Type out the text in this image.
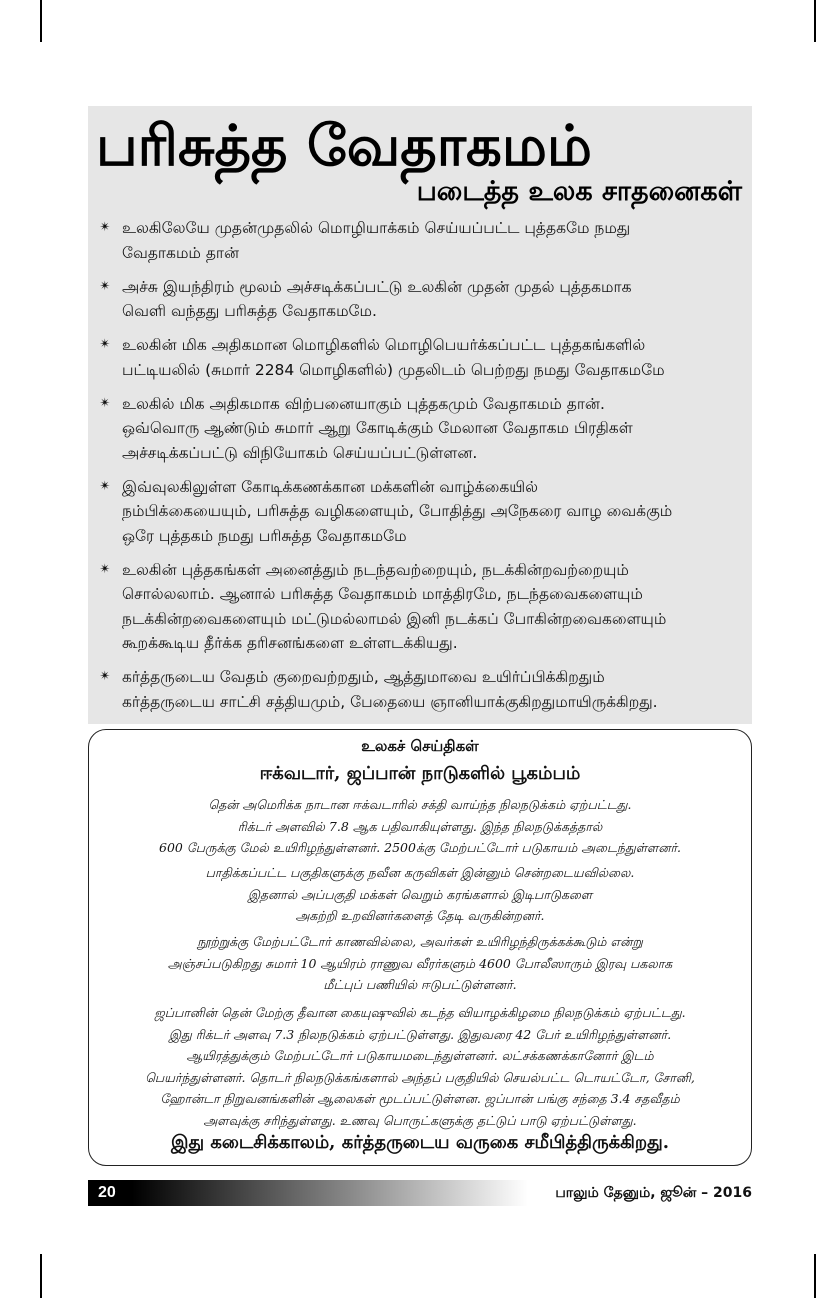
பரிசுத்த வேதாகமம்
படைத்த உலக சாதனைகள்
✴ உலகிலேயே முதன்முதலில் மொழியாக்கம் செய்யப்பட்ட புத்தகமே நமது
வேதாகமம் தான்
✴ அச்சு இயந்திரம் மூலம் அச்சடிக்கப்பட்டு உலகின் முதன் முதல் புத்தகமாக
வெளி வந்தது பரிசுத்த வேதாகமமே.
✴ உலகின் மிக அதிகமான மொழிகளில் மொழிபெயர்க்கப்பட்ட புத்தகங்களில்
பட்டியலில் (சுமார் 2284 மொழிகளில்) முதலிடம் பெற்றது நமது வேதாகமமே
✴ உலகில் மிக அதிகமாக விற்பனையாகும் புத்தகமும் வேதாகமம் தான்.
ஒவ்வொரு ஆண்டும் சுமார் ஆறு கோடிக்கும் மேலான வேதாகம பிரதிகள்
அச்சடிக்கப்பட்டு விநியோகம் செய்யப்பட்டுள்ளன.
✴ இவ்வுலகிலுள்ள கோடிக்கணக்கான மக்களின் வாழ்க்கையில்
நம்பிக்கையையும், பரிசுத்த வழிகளையும், போதித்து அநேகரை வாழ வைக்கும்
ஒரே புத்தகம் நமது பரிசுத்த வேதாகமமே
✴ உலகின் புத்தகங்கள் அனைத்தும் நடந்தவற்றையும், நடக்கின்றவற்றையும்
சொல்லலாம். ஆனால் பரிசுத்த வேதாகமம் மாத்திரமே, நடந்தவைகளையும்
நடக்கின்றவைகளையும் மட்டுமல்லாமல் இனி நடக்கப் போகின்றவைகளையும்
கூறக்கூடிய தீர்க்க தரிசனங்களை உள்ளடக்கியது.
✴ கர்த்தருடைய வேதம் குறைவற்றதும், ஆத்துமாவை உயிர்ப்பிக்கிறதும்
கர்த்தருடைய சாட்சி சத்தியமும், பேதையை ஞானியாக்குகிறதுமாயிருக்கிறது.
உலகச் செய்திகள்
ஈக்வடார், ஜப்பான் நாடுகளில் பூகம்பம்
தென் அமெரிக்க நாடான ஈக்வடாரில் சக்தி வாய்ந்த நிலநடுக்கம் ஏற்பட்டது.
ரிக்டர் அளவில் 7.8 ஆக பதிவாகியுள்ளது. இந்த நிலநடுக்கத்தால்
600 பேருக்கு மேல் உயிரிழந்துள்ளனர். 2500க்கு மேற்பட்டோர் படுகாயம் அடைந்துள்ளனர்.
பாதிக்கப்பட்ட பகுதிகளுக்கு நவீன கருவிகள் இன்னும் சென்றடையவில்லை.
இதனால் அப்பகுதி மக்கள் வெறும் கரங்களால் இடிபாடுகளை
அகற்றி உறவினர்களைத் தேடி வருகின்றனர்.
நூற்றுக்கு மேற்பட்டோர் காணவில்லை, அவர்கள் உயிரிழந்திருக்கக்கூடும் என்று
அஞ்சப்படுகிறது சுமார் 10 ஆயிரம் ராணுவ வீரர்களும் 4600 போலீஸாரும் இரவு பகலாக
மீட்புப் பணியில் ஈடுபட்டுள்ளனர்.
ஜப்பானின் தென் மேற்கு தீவான கையுஷுவில் கடந்த வியாழக்கிழமை நிலநடுக்கம் ஏற்பட்டது.
இது ரிக்டர் அளவு 7.3 நிலநடுக்கம் ஏற்பட்டுள்ளது. இதுவரை 42 பேர் உயிரிழந்துள்ளனர்.
ஆயிரத்துக்கும் மேற்பட்டோர் படுகாயமடைந்துள்ளனர். லட்சக்கணக்கானோர் இடம்
பெயர்ந்துள்ளனர். தொடர் நிலநடுக்கங்களால் அந்தப் பகுதியில் செயல்பட்ட டொயட்டோ, சோனி,
ஹோன்டா நிறுவனங்களின் ஆலைகள் மூடப்பட்டுள்ளன. ஜப்பான் பங்கு சந்தை 3.4 சதவீதம்
அளவுக்கு சரிந்துள்ளது. உணவு பொருட்களுக்கு தட்டுப் பாடு ஏற்பட்டுள்ளது.
இது கடைசிக்காலம், கர்த்தருடைய வருகை சமீபித்திருக்கிறது.
20	பாலும் தேனும், ஜூன் – 2016
